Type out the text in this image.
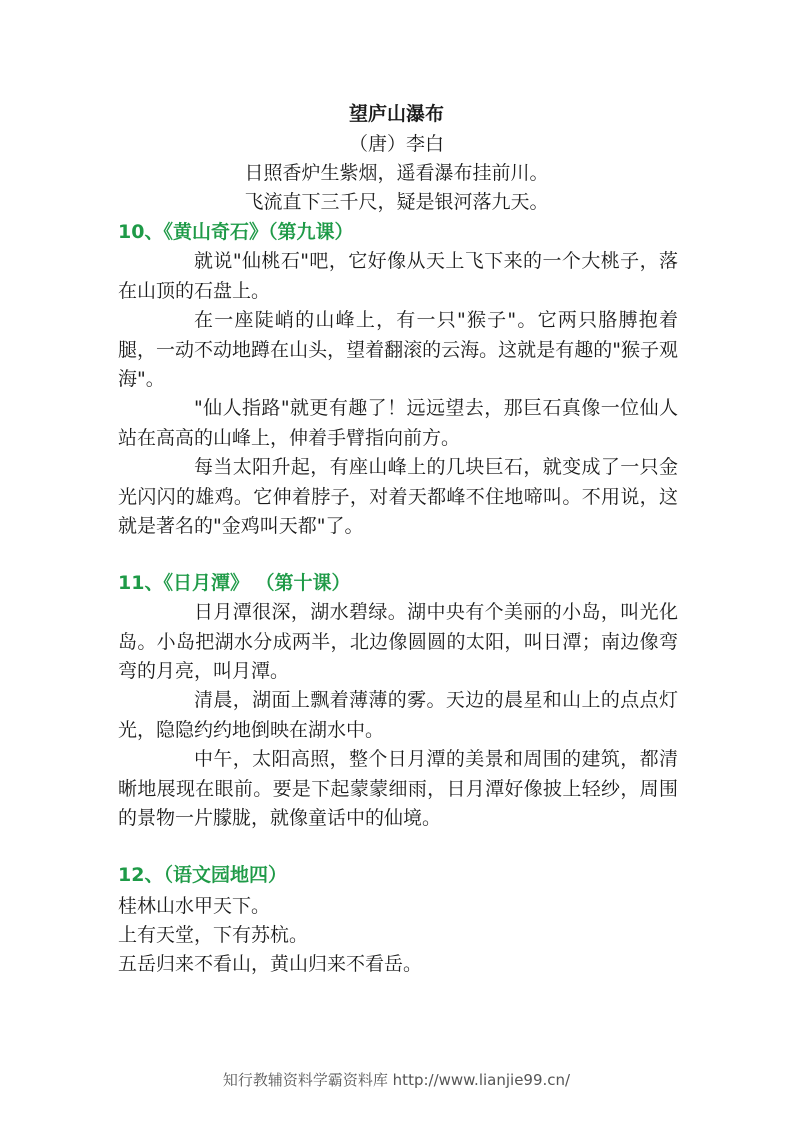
望庐山瀑布
（唐）李白
日照香炉生紫烟，遥看瀑布挂前川。
飞流直下三千尺，疑是银河落九天。
10、《黄山奇石》（第九课）
就说"仙桃石"吧，它好像从天上飞下来的一个大桃子，落在山顶的石盘上。
在一座陡峭的山峰上，有一只"猴子"。它两只胳膊抱着腿，一动不动地蹲在山头，望着翻滚的云海。这就是有趣的"猴子观海"。
"仙人指路"就更有趣了！远远望去，那巨石真像一位仙人站在高高的山峰上，伸着手臂指向前方。
每当太阳升起，有座山峰上的几块巨石，就变成了一只金光闪闪的雄鸡。它伸着脖子，对着天都峰不住地啼叫。不用说，这就是著名的"金鸡叫天都"了。
11、《日月潭》 （第十课）
日月潭很深，湖水碧绿。湖中央有个美丽的小岛，叫光化岛。小岛把湖水分成两半，北边像圆圆的太阳，叫日潭；南边像弯弯的月亮，叫月潭。
清晨，湖面上飘着薄薄的雾。天边的晨星和山上的点点灯光，隐隐约约地倒映在湖水中。
中午，太阳高照，整个日月潭的美景和周围的建筑，都清晰地展现在眼前。要是下起蒙蒙细雨，日月潭好像披上轻纱，周围的景物一片朦胧，就像童话中的仙境。
12、（语文园地四）
桂林山水甲天下。
上有天堂，下有苏杭。
五岳归来不看山，黄山归来不看岳。
知行教辅资料学霸资料库 http://www.lianjie99.cn/
